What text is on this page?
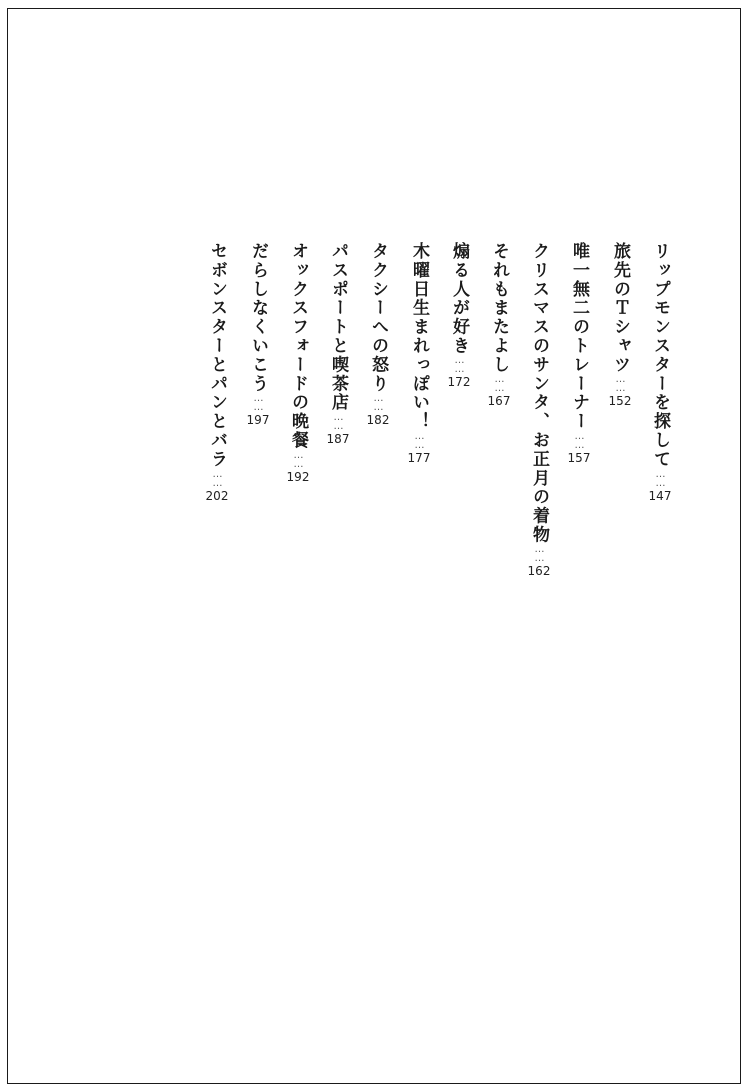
リップモンスターを探して
……
147
旅先のＴシャツ
……
152
唯一無二のトレーナー
……
157
クリスマスのサンタ、お正月の着物
……
162
それもまたよし
……
167
煽る人が好き
……
172
木曜日生まれっぽい！
……
177
タクシーへの怒り
……
182
パスポートと喫茶店
……
187
オックスフォードの晩餐
……
192
だらしなくいこう
……
197
セボンスターとパンとバラ
……
202
